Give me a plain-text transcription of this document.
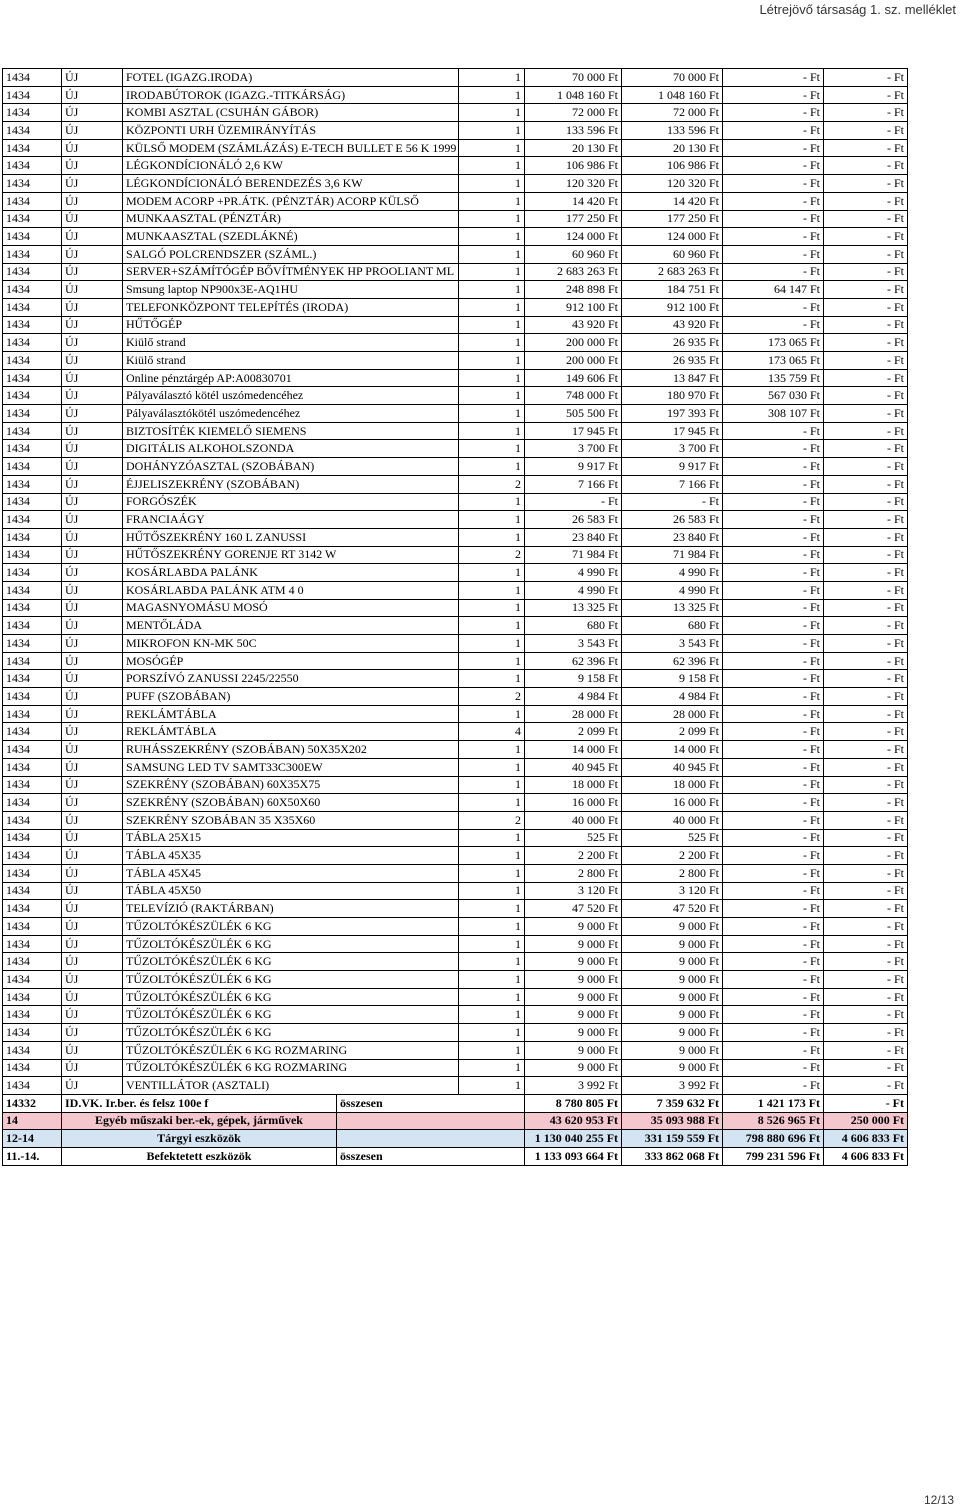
Létrejövő társaság 1. sz. melléklet
1434	ÚJ	FOTEL (IGAZG.IRODA)		1	70 000 Ft	70 000 Ft	- Ft	- Ft
1434	ÚJ	IRODABÚTOROK (IGAZG.-TITKÁRSÁG)		1	1 048 160 Ft	1 048 160 Ft	- Ft	- Ft
1434	ÚJ	KOMBI ASZTAL (CSUHÁN GÁBOR)		1	72 000 Ft	72 000 Ft	- Ft	- Ft
1434	ÚJ	KÖZPONTI URH ÜZEMIRÁNYÍTÁS		1	133 596 Ft	133 596 Ft	- Ft	- Ft
1434	ÚJ	KÜLSŐ MODEM (SZÁMLÁZÁS) E-TECH BULLET E 56 K 1999		1	20 130 Ft	20 130 Ft	- Ft	- Ft
1434	ÚJ	LÉGKONDÍCIONÁLÓ 2,6 KW		1	106 986 Ft	106 986 Ft	- Ft	- Ft
1434	ÚJ	LÉGKONDÍCIONÁLÓ BERENDEZÉS 3,6 KW		1	120 320 Ft	120 320 Ft	- Ft	- Ft
1434	ÚJ	MODEM ACORP +PR.ÁTK. (PÉNZTÁR) ACORP KÜLSŐ		1	14 420 Ft	14 420 Ft	- Ft	- Ft
1434	ÚJ	MUNKAASZTAL (PÉNZTÁR)		1	177 250 Ft	177 250 Ft	- Ft	- Ft
1434	ÚJ	MUNKAASZTAL (SZEDLÁKNÉ)		1	124 000 Ft	124 000 Ft	- Ft	- Ft
1434	ÚJ	SALGÓ POLCRENDSZER (SZÁML.)		1	60 960 Ft	60 960 Ft	- Ft	- Ft
1434	ÚJ	SERVER+SZÁMÍTÓGÉP BŐVÍTMÉNYEK HP PROOLIANT ML		1	2 683 263 Ft	2 683 263 Ft	- Ft	- Ft
1434	ÚJ	Smsung laptop NP900x3E-AQ1HU		1	248 898 Ft	184 751 Ft	64 147 Ft	- Ft
1434	ÚJ	TELEFONKÖZPONT TELEPÍTÉS (IRODA)		1	912 100 Ft	912 100 Ft	- Ft	- Ft
1434	ÚJ	HŰTŐGÉP		1	43 920 Ft	43 920 Ft	- Ft	- Ft
1434	ÚJ	Kiülő strand		1	200 000 Ft	26 935 Ft	173 065 Ft	- Ft
1434	ÚJ	Kiülő strand		1	200 000 Ft	26 935 Ft	173 065 Ft	- Ft
1434	ÚJ	Online pénztárgép AP:A00830701		1	149 606 Ft	13 847 Ft	135 759 Ft	- Ft
1434	ÚJ	Pályaválasztó kötél uszómedencéhez		1	748 000 Ft	180 970 Ft	567 030 Ft	- Ft
1434	ÚJ	Pályaválasztókötél uszómedencéhez		1	505 500 Ft	197 393 Ft	308 107 Ft	- Ft
1434	ÚJ	BIZTOSÍTÉK KIEMELŐ SIEMENS		1	17 945 Ft	17 945 Ft	- Ft	- Ft
1434	ÚJ	DIGITÁLIS ALKOHOLSZONDA		1	3 700 Ft	3 700 Ft	- Ft	- Ft
1434	ÚJ	DOHÁNYZÓASZTAL (SZOBÁBAN)		1	9 917 Ft	9 917 Ft	- Ft	- Ft
1434	ÚJ	ÉJJELISZEKRÉNY (SZOBÁBAN)		2	7 166 Ft	7 166 Ft	- Ft	- Ft
1434	ÚJ	FORGÓSZÉK		1	- Ft	- Ft	- Ft	- Ft
1434	ÚJ	FRANCIAÁGY		1	26 583 Ft	26 583 Ft	- Ft	- Ft
1434	ÚJ	HŰTŐSZEKRÉNY 160 L ZANUSSI		1	23 840 Ft	23 840 Ft	- Ft	- Ft
1434	ÚJ	HŰTŐSZEKRÉNY GORENJE RT 3142 W		2	71 984 Ft	71 984 Ft	- Ft	- Ft
1434	ÚJ	KOSÁRLABDA PALÁNK		1	4 990 Ft	4 990 Ft	- Ft	- Ft
1434	ÚJ	KOSÁRLABDA PALÁNK ATM 4 0		1	4 990 Ft	4 990 Ft	- Ft	- Ft
1434	ÚJ	MAGASNYOMÁSU MOSÓ		1	13 325 Ft	13 325 Ft	- Ft	- Ft
1434	ÚJ	MENTŐLÁDA		1	680 Ft	680 Ft	- Ft	- Ft
1434	ÚJ	MIKROFON KN-MK 50C		1	3 543 Ft	3 543 Ft	- Ft	- Ft
1434	ÚJ	MOSÓGÉP		1	62 396 Ft	62 396 Ft	- Ft	- Ft
1434	ÚJ	PORSZÍVÓ ZANUSSI 2245/22550		1	9 158 Ft	9 158 Ft	- Ft	- Ft
1434	ÚJ	PUFF (SZOBÁBAN)		2	4 984 Ft	4 984 Ft	- Ft	- Ft
1434	ÚJ	REKLÁMTÁBLA		1	28 000 Ft	28 000 Ft	- Ft	- Ft
1434	ÚJ	REKLÁMTÁBLA		4	2 099 Ft	2 099 Ft	- Ft	- Ft
1434	ÚJ	RUHÁSSZEKRÉNY (SZOBÁBAN) 50X35X202		1	14 000 Ft	14 000 Ft	- Ft	- Ft
1434	ÚJ	SAMSUNG LED TV SAMT33C300EW		1	40 945 Ft	40 945 Ft	- Ft	- Ft
1434	ÚJ	SZEKRÉNY (SZOBÁBAN) 60X35X75		1	18 000 Ft	18 000 Ft	- Ft	- Ft
1434	ÚJ	SZEKRÉNY (SZOBÁBAN) 60X50X60		1	16 000 Ft	16 000 Ft	- Ft	- Ft
1434	ÚJ	SZEKRÉNY SZOBÁBAN 35 X35X60		2	40 000 Ft	40 000 Ft	- Ft	- Ft
1434	ÚJ	TÁBLA 25X15		1	525 Ft	525 Ft	- Ft	- Ft
1434	ÚJ	TÁBLA 45X35		1	2 200 Ft	2 200 Ft	- Ft	- Ft
1434	ÚJ	TÁBLA 45X45		1	2 800 Ft	2 800 Ft	- Ft	- Ft
1434	ÚJ	TÁBLA 45X50		1	3 120 Ft	3 120 Ft	- Ft	- Ft
1434	ÚJ	TELEVÍZIÓ (RAKTÁRBAN)		1	47 520 Ft	47 520 Ft	- Ft	- Ft
1434	ÚJ	TŰZOLTÓKÉSZÜLÉK 6 KG		1	9 000 Ft	9 000 Ft	- Ft	- Ft
1434	ÚJ	TŰZOLTÓKÉSZÜLÉK 6 KG		1	9 000 Ft	9 000 Ft	- Ft	- Ft
1434	ÚJ	TŰZOLTÓKÉSZÜLÉK 6 KG		1	9 000 Ft	9 000 Ft	- Ft	- Ft
1434	ÚJ	TŰZOLTÓKÉSZÜLÉK 6 KG		1	9 000 Ft	9 000 Ft	- Ft	- Ft
1434	ÚJ	TŰZOLTÓKÉSZÜLÉK 6 KG		1	9 000 Ft	9 000 Ft	- Ft	- Ft
1434	ÚJ	TŰZOLTÓKÉSZÜLÉK 6 KG		1	9 000 Ft	9 000 Ft	- Ft	- Ft
1434	ÚJ	TŰZOLTÓKÉSZÜLÉK 6 KG		1	9 000 Ft	9 000 Ft	- Ft	- Ft
1434	ÚJ	TŰZOLTÓKÉSZÜLÉK 6 KG ROZMARING		1	9 000 Ft	9 000 Ft	- Ft	- Ft
1434	ÚJ	TŰZOLTÓKÉSZÜLÉK 6 KG ROZMARING		1	9 000 Ft	9 000 Ft	- Ft	- Ft
1434	ÚJ	VENTILLÁTOR (ASZTALI)		1	3 992 Ft	3 992 Ft	- Ft	- Ft
14332	ID.VK. Ir.ber. és felsz 100e f		összesen		8 780 805 Ft	7 359 632 Ft	1 421 173 Ft	- Ft
14	Egyéb műszaki ber.-ek, gépek, járművek				43 620 953 Ft	35 093 988 Ft	8 526 965 Ft	250 000 Ft
12-14	Tárgyi eszközök				1 130 040 255 Ft	331 159 559 Ft	798 880 696 Ft	4 606 833 Ft
11.-14.	Befektetett eszközök		összesen		1 133 093 664 Ft	333 862 068 Ft	799 231 596 Ft	4 606 833 Ft
12/13
